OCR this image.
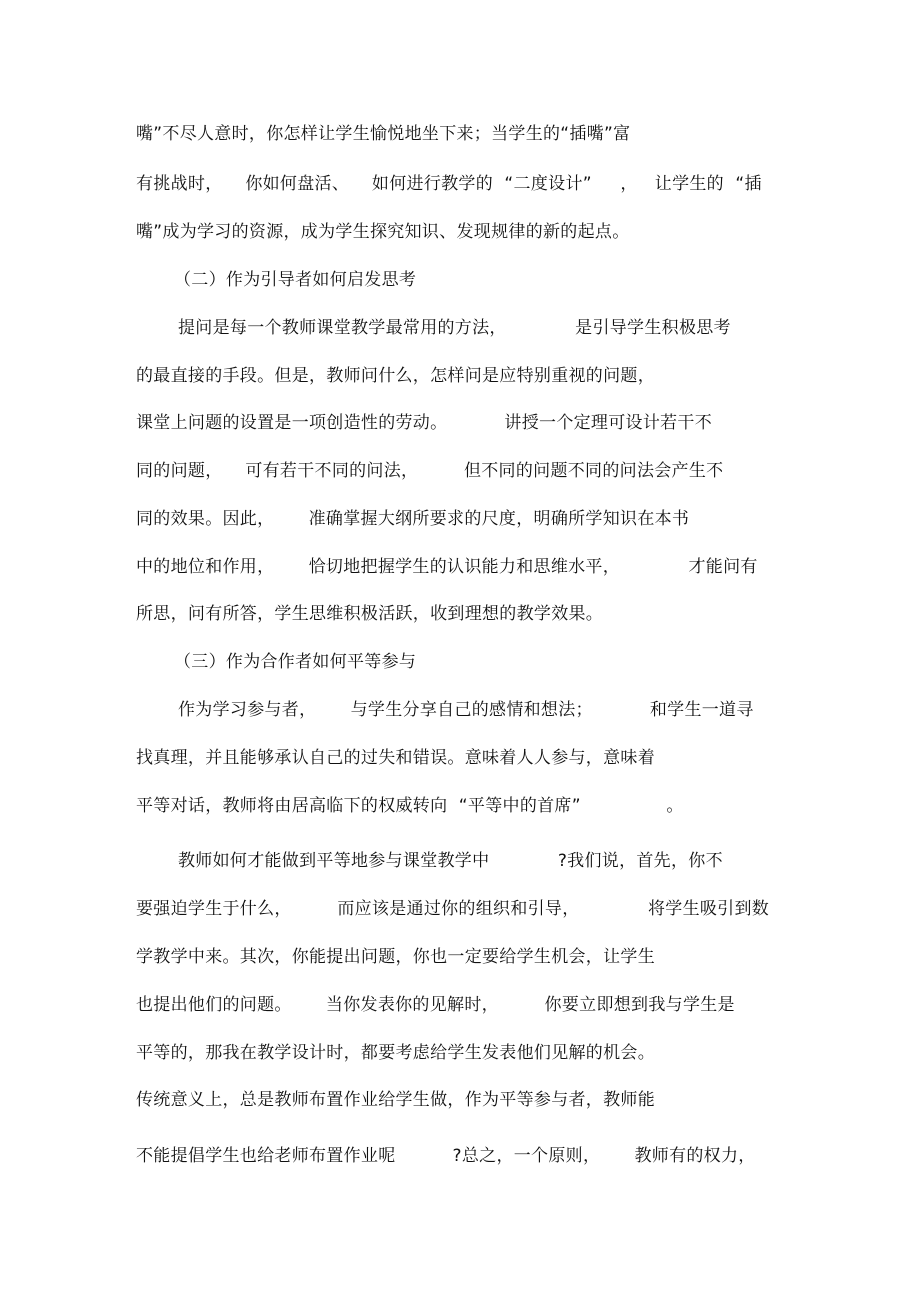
嘴”不尽人意时，你怎样让学生愉悦地坐下来；当学生的“插嘴”富
有挑战时，    你如何盘活、    如何进行教学的  “二度设计”     ，   让学生的  “插
嘴”成为学习的资源，成为学生探究知识、发现规律的新的起点。
（二）作为引导者如何启发思考
提问是每一个教师课堂教学最常用的方法，            是引导学生积极思考
的最直接的手段。但是，教师问什么，怎样问是应特别重视的问题，
课堂上问题的设置是一项创造性的劳动。          讲授一个定理可设计若干不
同的问题，    可有若干不同的问法，        但不同的问题不同的问法会产生不
同的效果。因此，      准确掌握大纲所要求的尺度，明确所学知识在本书
中的地位和作用，      恰切地把握学生的认识能力和思维水平，            才能问有
所思，问有所答，学生思维积极活跃，收到理想的教学效果。
（三）作为合作者如何平等参与
作为学习参与者，      与学生分享自己的感情和想法；          和学生一道寻
找真理，并且能够承认自己的过失和错误。意味着人人参与，意味着
平等对话，教师将由居高临下的权威转向  “平等中的首席”               。
教师如何才能做到平等地参与课堂教学中            ?我们说，首先，你不
要强迫学生于什么，        而应该是通过你的组织和引导，            将学生吸引到数
学教学中来。其次，你能提出问题，你也一定要给学生机会，让学生
也提出他们的问题。      当你发表你的见解时，        你要立即想到我与学生是
平等的，那我在教学设计时，都要考虑给学生发表他们见解的机会。
传统意义上，总是教师布置作业给学生做，作为平等参与者，教师能
不能提倡学生也给老师布置作业呢          ?总之，一个原则，      教师有的权力，
